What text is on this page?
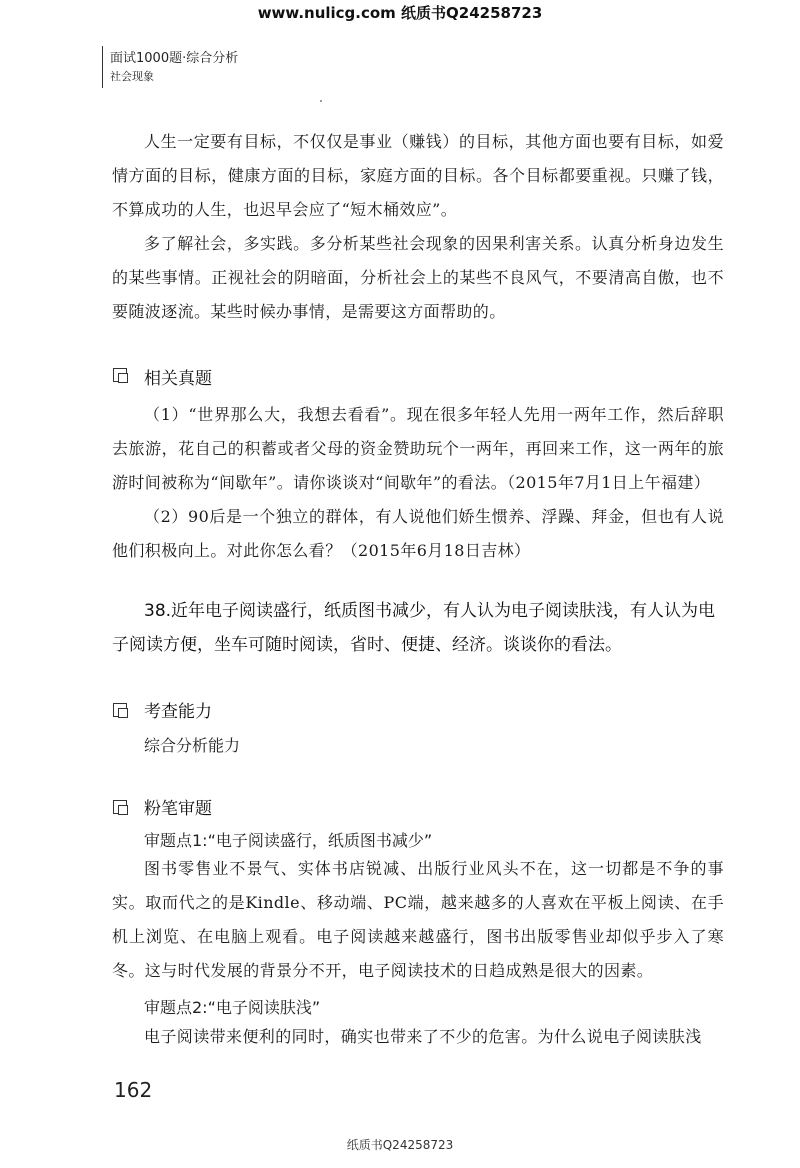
www.nulicg.com 纸质书Q24258723
面试1000题·综合分析
社会现象

人生一定要有目标，不仅仅是事业（赚钱）的目标，其他方面也要有目标，如爱情方面的目标，健康方面的目标，家庭方面的目标。各个目标都要重视。只赚了钱，不算成功的人生，也迟早会应了“短木桶效应”。

多了解社会，多实践。多分析某些社会现象的因果利害关系。认真分析身边发生的某些事情。正视社会的阴暗面，分析社会上的某些不良风气，不要清高自傲，也不要随波逐流。某些时候办事情，是需要这方面帮助的。

相关真题

（1）“世界那么大，我想去看看”。现在很多年轻人先用一两年工作，然后辞职去旅游，花自己的积蓄或者父母的资金赞助玩个一两年，再回来工作，这一两年的旅游时间被称为“间歇年”。请你谈谈对“间歇年”的看法。（2015年7月1日上午福建）

（2）90后是一个独立的群体，有人说他们娇生惯养、浮躁、拜金，但也有人说他们积极向上。对此你怎么看？（2015年6月18日吉林）

38.近年电子阅读盛行，纸质图书减少，有人认为电子阅读肤浅，有人认为电子阅读方便，坐车可随时阅读，省时、便捷、经济。谈谈你的看法。

考查能力
综合分析能力
粉笔审题
审题点1:“电子阅读盛行，纸质图书减少”

图书零售业不景气、实体书店锐减、出版行业风头不在，这一切都是不争的事实。取而代之的是Kindle、移动端、PC端，越来越多的人喜欢在平板上阅读、在手机上浏览、在电脑上观看。电子阅读越来越盛行，图书出版零售业却似乎步入了寒冬。这与时代发展的背景分不开，电子阅读技术的日趋成熟是很大的因素。

审题点2:“电子阅读肤浅”

电子阅读带来便利的同时，确实也带来了不少的危害。为什么说电子阅读肤浅

162
纸质书Q24258723
